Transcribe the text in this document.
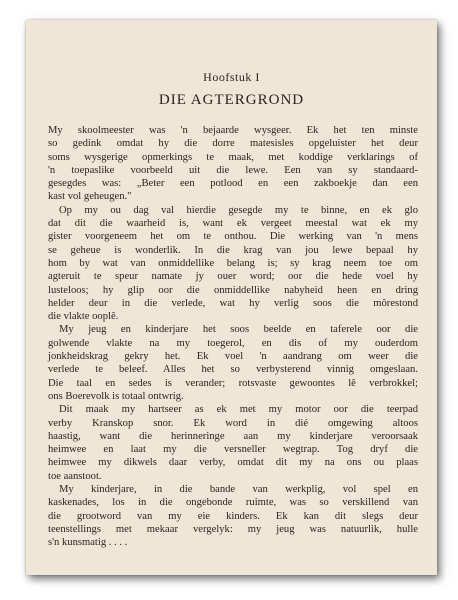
Hoofstuk I
DIE AGTERGROND

My skoolmeester was 'n bejaarde wysgeer. Ek het ten minste

so gedink omdat hy die dorre matesisles opgeluister het deur

soms wysgerige opmerkings te maak, met koddige verklarings of

'n toepaslike voorbeeld uit die lewe. Een van sy standaard-

gesegdes was: „Beter een potlood en een zakboekje dan een

kast vol geheugen."

Op my ou dag val hierdie gesegde my te binne, en ek glo

dat dit die waarheid is, want ek vergeet meestal wat ek my

gister voorgeneem het om te onthou. Die werking van 'n mens

se geheue is wonderlik. In die krag van jou lewe bepaal hy

hom by wat van onmiddellike belang is; sy krag neem toe om

agteruit te speur namate jy ouer word; oor die hede voel hy

lusteloos; hy glip oor die onmiddellike nabyheid heen en dring

helder deur in die verlede, wat hy verlig soos die môrestond

die vlakte ooplê.

My jeug en kinderjare het soos beelde en taferele oor die

golwende vlakte na my toegerol, en dis of my ouderdom

jonkheidskrag gekry het. Ek voel 'n aandrang om weer die

verlede te beleef. Alles het so verbysterend vinnig omgeslaan.

Die taal en sedes is verander; rotsvaste gewoontes lê verbrokkel;

ons Boerevolk is totaal ontwrig.

Dit maak my hartseer as ek met my motor oor die teerpad

verby Kranskop snor. Ek word in dié omgewing altoos

haastig, want die herinneringe aan my kinderjare veroorsaak

heimwee en laat my die versneller wegtrap. Tog dryf die

heimwee my dikwels daar verby, omdat dit my na ons ou plaas

toe aanstoot.

My kinderjare, in die bande van werkplig, vol spel en

kaskenades, los in die ongebonde ruimte, was so verskillend van

die grootword van my eie kinders. Ek kan dit slegs deur

teenstellings met mekaar vergelyk: my jeug was natuurlik, hulle

s'n kunsmatig . . . .
